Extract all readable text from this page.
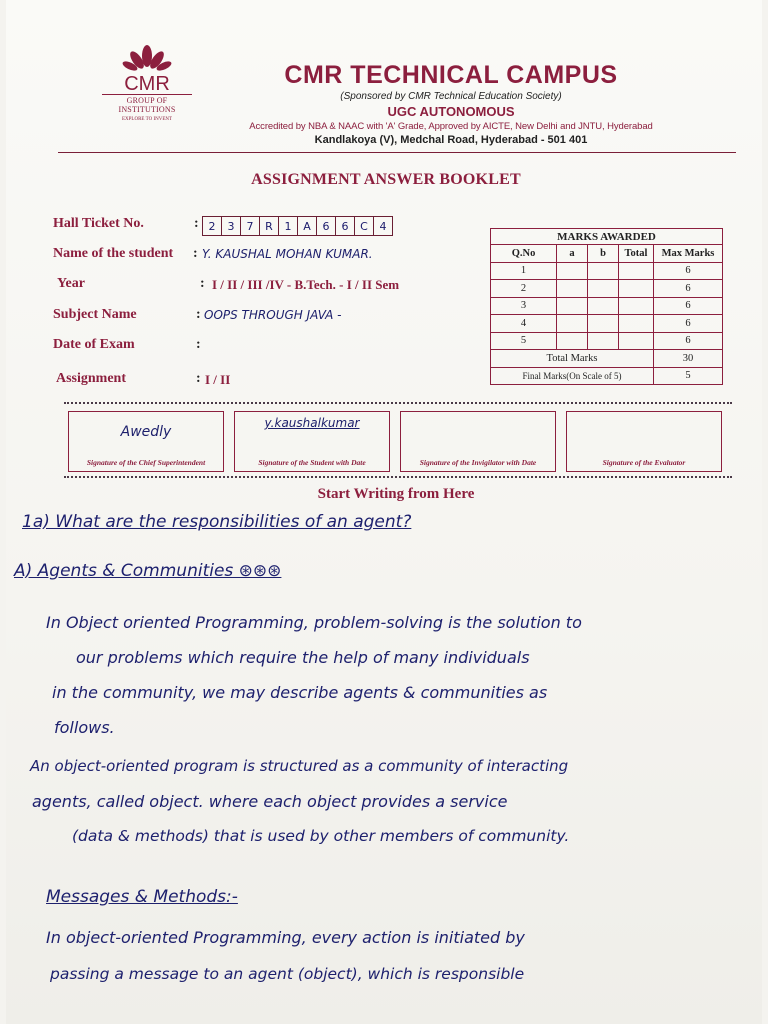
CMR
GROUP OF INSTITUTIONS
EXPLORE TO INVENT
CMR TECHNICAL CAMPUS
(Sponsored by CMR Technical Education Society)
UGC AUTONOMOUS
Accredited by NBA & NAAC with 'A' Grade, Approved by AICTE, New Delhi and JNTU, Hyderabad
Kandlakoya (V), Medchal Road, Hyderabad - 501 401
ASSIGNMENT ANSWER BOOKLET
Hall Ticket No.	: 2	3	7	R	1	A	6	6	C	4
Name of the student : Y. KAUSHAL MOHAN KUMAR.
Year	: I / II / III /IV - B.Tech. - I / II Sem
Subject Name	: OOPS THROUGH JAVA -
Date of Exam	:
Assignment	: I / II
MARKS AWARDED				
Q.No	a	b	Total	Max Marks
1				6
2				6
3				6
4				6
5				6
Total Marks				30
Final Marks(On Scale of 5)				5
Awedly
Signature of the Chief Superintendent
y.kaushalkumar
Signature of the Student with Date	Signature of the Invigilator with Date	Signature of the Evaluator
Start Writing from Here
1a) What are the responsibilities of an agent?
A) Agents & Communities ⊛⊛⊛
In Object oriented Programming, problem-solving is the solution to
our problems which require the help of many individuals
in the community, we may describe agents & communities as
follows.
An object-oriented program is structured as a community of interacting
agents, called object. where each object provides a service
(data & methods) that is used by other members of community.
Messages & Methods:-
In object-oriented Programming, every action is initiated by
passing a message to an agent (object), which is responsible
